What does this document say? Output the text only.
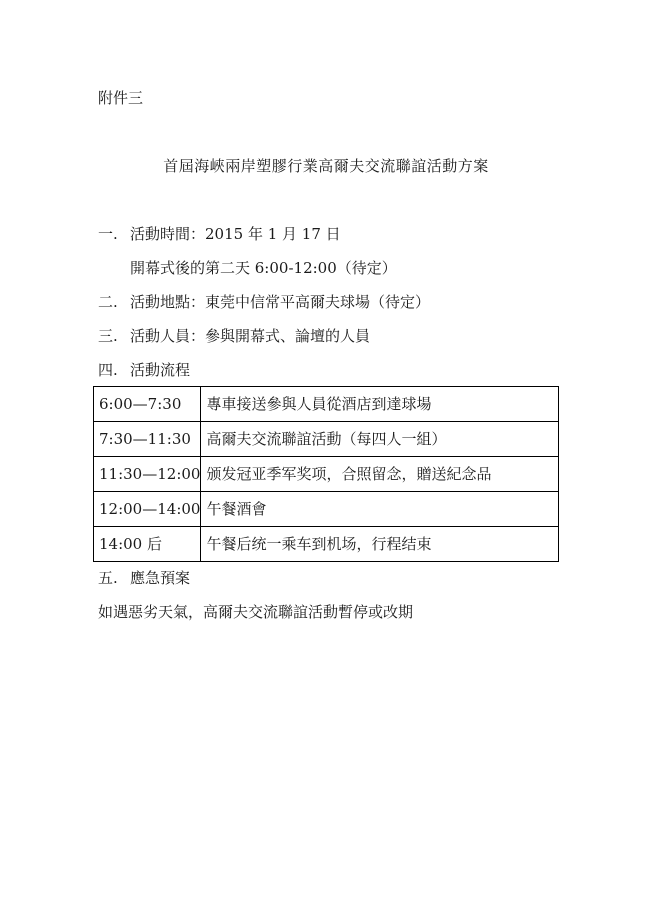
附件三
首屆海峽兩岸塑膠行業高爾夫交流聯誼活動方案
一. 活動時間：2015 年 1 月 17 日
開幕式後的第二天 6:00-12:00（待定）
二. 活動地點：東莞中信常平高爾夫球場（待定）
三. 活動人員：參與開幕式、論壇的人員
四. 活動流程
6:00—7:30	專車接送參與人員從酒店到達球場
7:30—11:30	高爾夫交流聯誼活動（每四人一組）
11:30—12:00	颁发冠亚季军奖项，合照留念，贈送紀念品
12:00—14:00	午餐酒會
14:00 后	午餐后统一乘车到机场，行程结束
五. 應急預案
如遇惡劣天氣，高爾夫交流聯誼活動暫停或改期
